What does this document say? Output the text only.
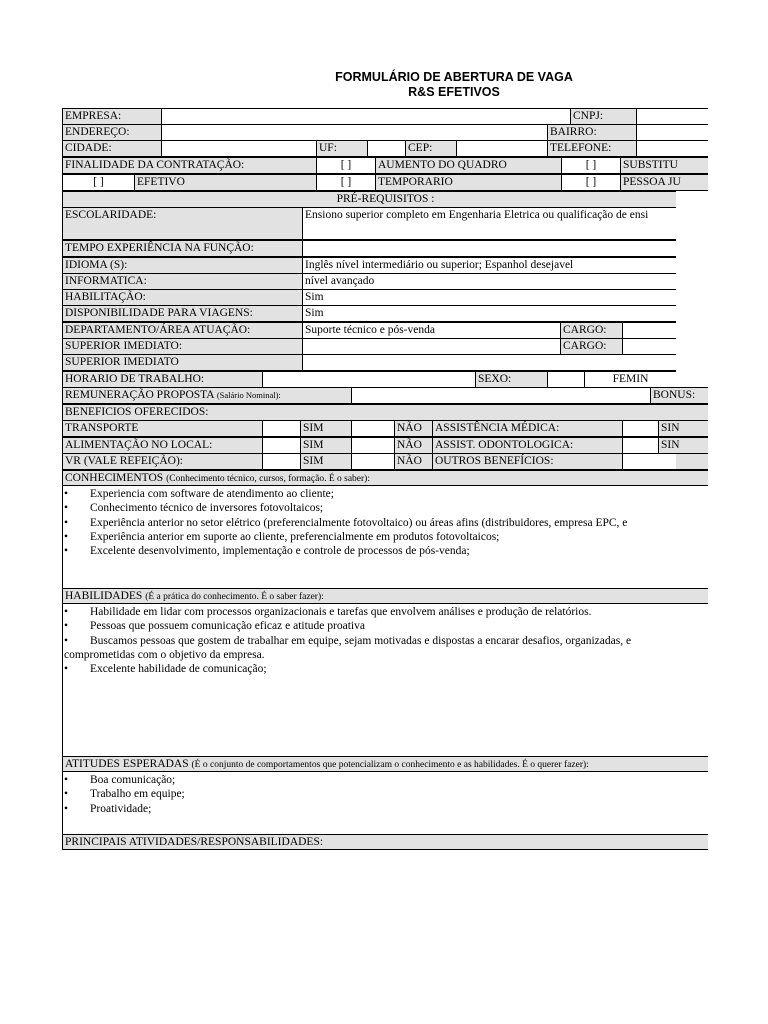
FORMULÁRIO DE ABERTURA DE VAGA
R&S EFETIVOS
EMPRESA:	CNPJ:
ENDEREÇO:	BAIRRO:
CIDADE:	UF:	CEP:	TELEFONE:
FINALIDADE DA CONTRATAÇÃO:	[ ]	AUMENTO DO QUADRO	[ ]	SUBSTITU
[ ]	EFETIVO	[ ]	TEMPORARIO	[ ]	PESSOA JU
PRÉ-REQUISITOS :
ESCOLARIDADE:	Ensiono superior completo em Engenharia Eletrica ou qualificação de ensi
TEMPO EXPERIÊNCIA NA FUNÇÃO:
IDIOMA (S):	Inglês nível intermediário ou superior; Espanhol desejavel
INFORMATICA:	nível avançado
HABILITAÇÃO:	Sim
DISPONIBILIDADE PARA VIAGENS:	Sim
DEPARTAMENTO/ÁREA ATUAÇÃO:	Suporte técnico e pós-venda	CARGO:
SUPERIOR IMEDIATO:	CARGO:
SUPERIOR IMEDIATO
HORARIO DE TRABALHO:	SEXO:	FEMIN
REMUNERAÇÃO PROPOSTA (Salário Nominal):	BONUS:
BENEFICIOS OFERECIDOS:
TRANSPORTE	SIM	NÃO	ASSISTÊNCIA MÉDICA:	SIN
ALIMENTAÇÃO NO LOCAL:	SIM	NÃO	ASSIST. ODONTOLOGICA:	SIN
VR (VALE REFEIÇÃO):	SIM	NÃO	OUTROS BENEFÍCIOS:
CONHECIMENTOS (Conhecimento técnico, cursos, formação. É o saber):
• Experiencia com software de atendimento ao cliente;
• Conhecimento técnico de inversores fotovoltaicos;
• Experiência anterior no setor elétrico (preferencialmente fotovoltaico) ou áreas afins (distribuidores, empresa EPC, e
• Experiência anterior em suporte ao cliente, preferencialmente em produtos fotovoltaicos;
• Excelente desenvolvimento, implementação e controle de processos de pós-venda;
HABILIDADES (É a prática do conhecimento. É o saber fazer):
• Habilidade em lidar com processos organizacionais e tarefas que envolvem análises e produção de relatórios.
• Pessoas que possuem comunicação eficaz e atitude proativa
• Buscamos pessoas que gostem de trabalhar em equipe, sejam motivadas e dispostas a encarar desafios, organizadas, e
comprometidas com o objetivo da empresa.
• Excelente habilidade de comunicação;
ATITUDES ESPERADAS (É o conjunto de comportamentos que potencializam o conhecimento e as habilidades. É o querer fazer):
• Boa comunicação;
• Trabalho em equipe;
• Proatividade;
PRINCIPAIS ATIVIDADES/RESPONSABILIDADES:
